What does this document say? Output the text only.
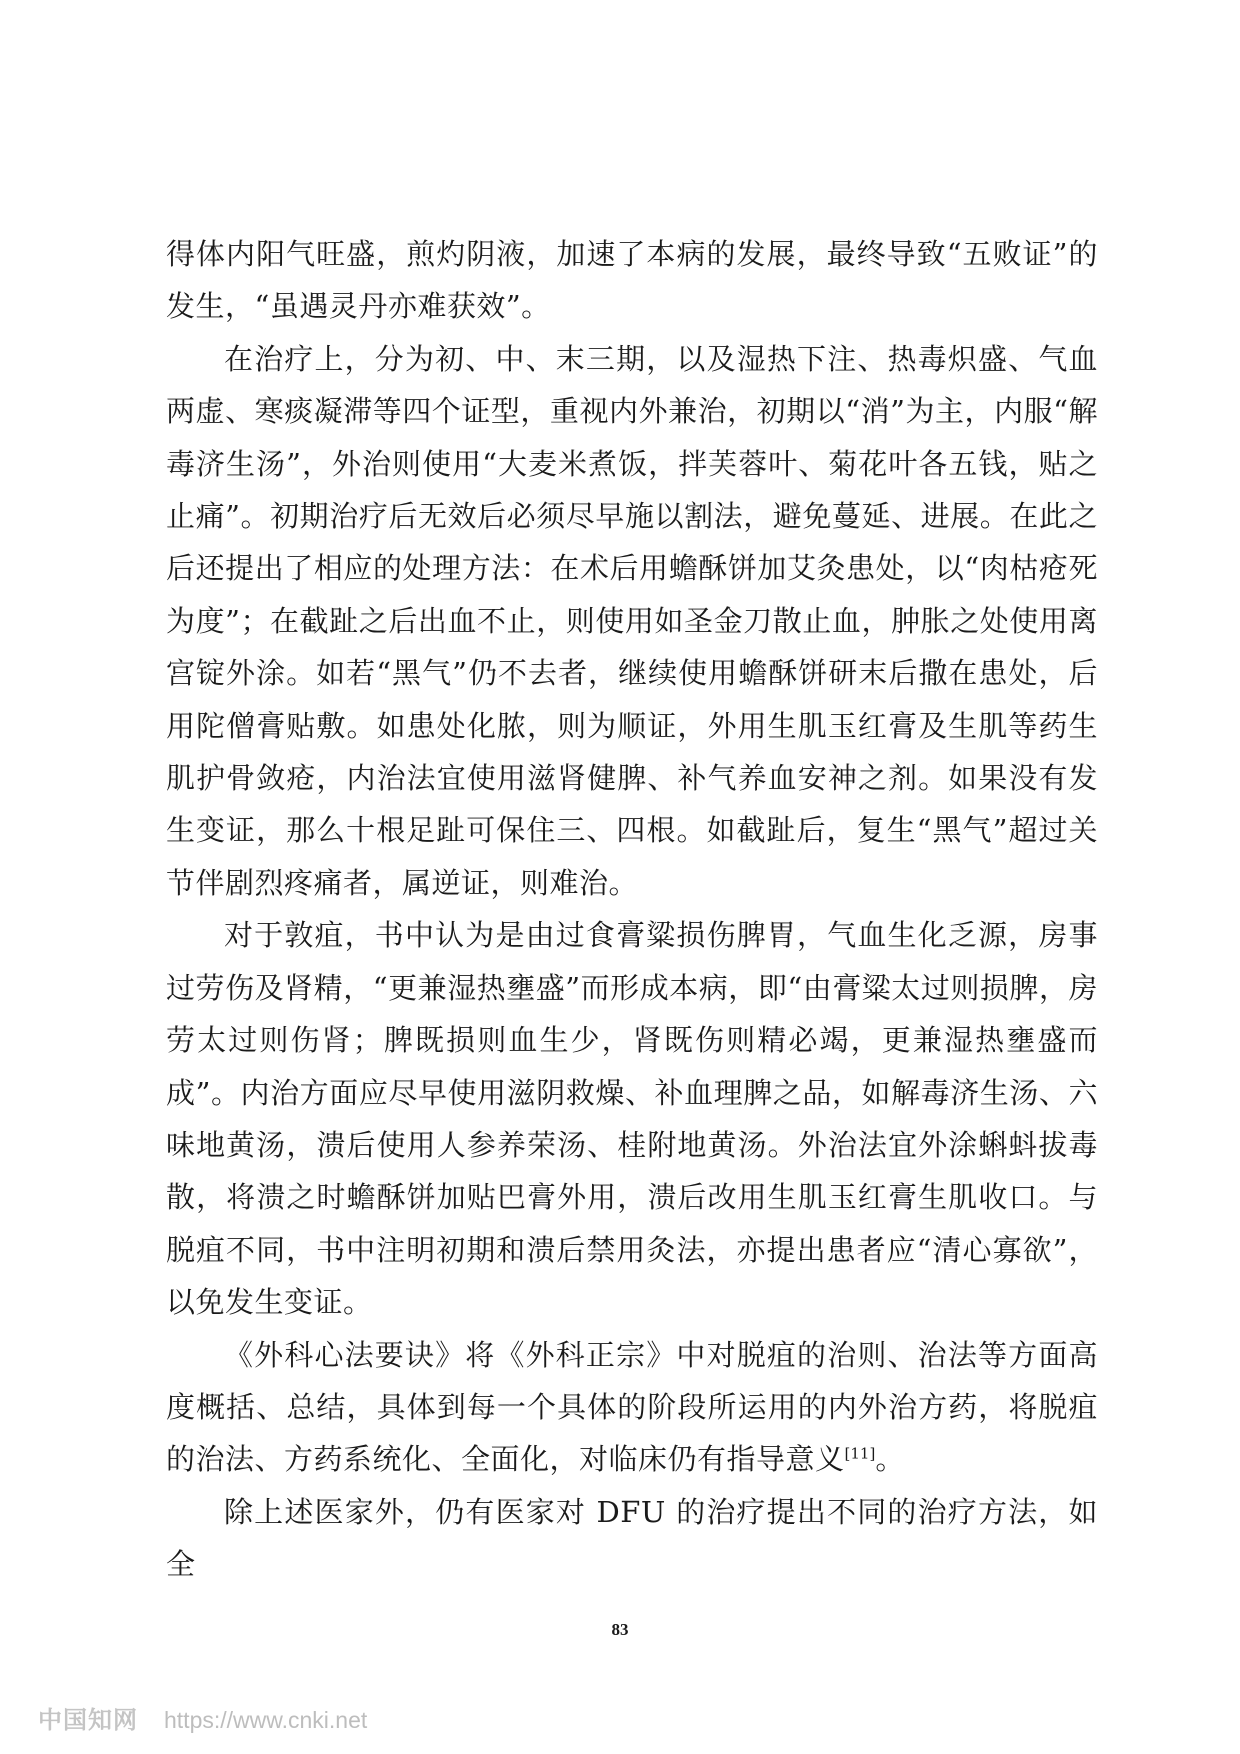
得体内阳气旺盛，煎灼阴液，加速了本病的发展，最终导致“五败证”的发生，“虽遇灵丹亦难获效”。

在治疗上，分为初、中、末三期，以及湿热下注、热毒炽盛、气血两虚、寒痰凝滞等四个证型，重视内外兼治，初期以“消”为主，内服“解毒济生汤”，外治则使用“大麦米煮饭，拌芙蓉叶、菊花叶各五钱，贴之止痛”。初期治疗后无效后必须尽早施以割法，避免蔓延、进展。在此之后还提出了相应的处理方法：在术后用蟾酥饼加艾灸患处，以“肉枯疮死为度”；在截趾之后出血不止，则使用如圣金刀散止血，肿胀之处使用离宫锭外涂。如若“黑气”仍不去者，继续使用蟾酥饼研末后撒在患处，后用陀僧膏贴敷。如患处化脓，则为顺证，外用生肌玉红膏及生肌等药生肌护骨敛疮，内治法宜使用滋肾健脾、补气养血安神之剂。如果没有发生变证，那么十根足趾可保住三、四根。如截趾后，复生“黑气”超过关节伴剧烈疼痛者，属逆证，则难治。

对于敦疽，书中认为是由过食膏粱损伤脾胃，气血生化乏源，房事过劳伤及肾精，“更兼湿热壅盛”而形成本病，即“由膏粱太过则损脾，房劳太过则伤肾；脾既损则血生少，肾既伤则精必竭，更兼湿热壅盛而成”。内治方面应尽早使用滋阴救燥、补血理脾之品，如解毒济生汤、六味地黄汤，溃后使用人参养荣汤、桂附地黄汤。外治法宜外涂蝌蚪拔毒散，将溃之时蟾酥饼加贴巴膏外用，溃后改用生肌玉红膏生肌收口。与脱疽不同，书中注明初期和溃后禁用灸法，亦提出患者应“清心寡欲”，以免发生变证。

《外科心法要诀》将《外科正宗》中对脱疽的治则、治法等方面高度概括、总结，具体到每一个具体的阶段所运用的内外治方药，将脱疽的治法、方药系统化、全面化，对临床仍有指导意义[11]。

除上述医家外，仍有医家对 DFU 的治疗提出不同的治疗方法，如全

83
中国知网 https://www.cnki.net
